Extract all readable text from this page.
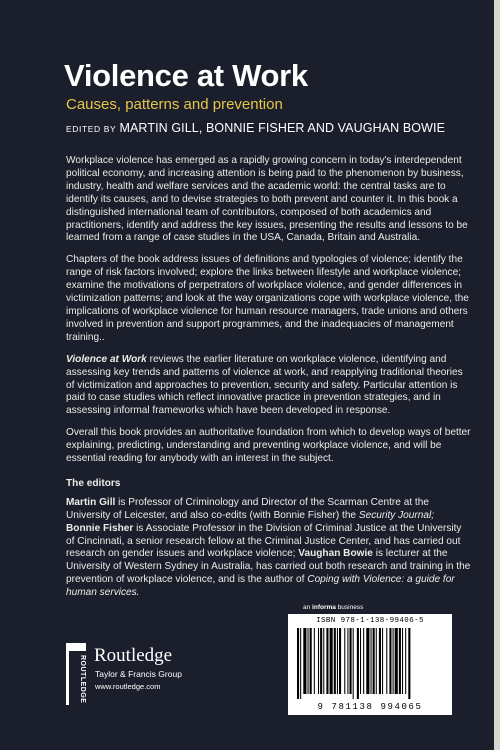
Violence at Work
Causes, patterns and prevention
EDITED BY MARTIN GILL, BONNIE FISHER AND VAUGHAN BOWIE

Workplace violence has emerged as a rapidly growing concern in today's interdependent political economy, and increasing attention is being paid to the phenomenon by business, industry, health and welfare services and the academic world: the central tasks are to identify its causes, and to devise strategies to both prevent and counter it. In this book a distinguished international team of contributors, composed of both academics and practitioners, identify and address the key issues, presenting the results and lessons to be learned from a range of case studies in the USA, Canada, Britain and Australia.

Chapters of the book address issues of definitions and typologies of violence; identify the range of risk factors involved; explore the links between lifestyle and workplace violence; examine the motivations of perpetrators of workplace violence, and gender differences in victimization patterns; and look at the way organizations cope with workplace violence, the implications of workplace violence for human resource managers, trade unions and others involved in prevention and support programmes, and the inadequacies of management training..

Violence at Work reviews the earlier literature on workplace violence, identifying and assessing key trends and patterns of violence at work, and reapplying traditional theories of victimization and approaches to prevention, security and safety. Particular attention is paid to case studies which reflect innovative practice in prevention strategies, and in assessing informal frameworks which have been developed in response.

Overall this book provides an authoritative foundation from which to develop ways of better explaining, predicting, understanding and preventing workplace violence, and will be essential reading for anybody with an interest in the subject.

The editors
Martin Gill is Professor of Criminology and Director of the Scarman Centre at the University of Leicester, and also co-edits (with Bonnie Fisher) the Security Journal;
Bonnie Fisher is Associate Professor in the Division of Criminal Justice at the University of Cincinnati, a senior research fellow at the Criminal Justice Center, and has carried out research on gender issues and workplace violence; Vaughan Bowie is lecturer at the University of Western Sydney in Australia, has carried out both research and training in the prevention of workplace violence, and is the author of Coping with Violence: a guide for human services.
ROUTLEDGE Routledge
Taylor & Francis Group
www.routledge.com
an informa business
ISBN 978-1-138-99406-5
9 781138 994065
